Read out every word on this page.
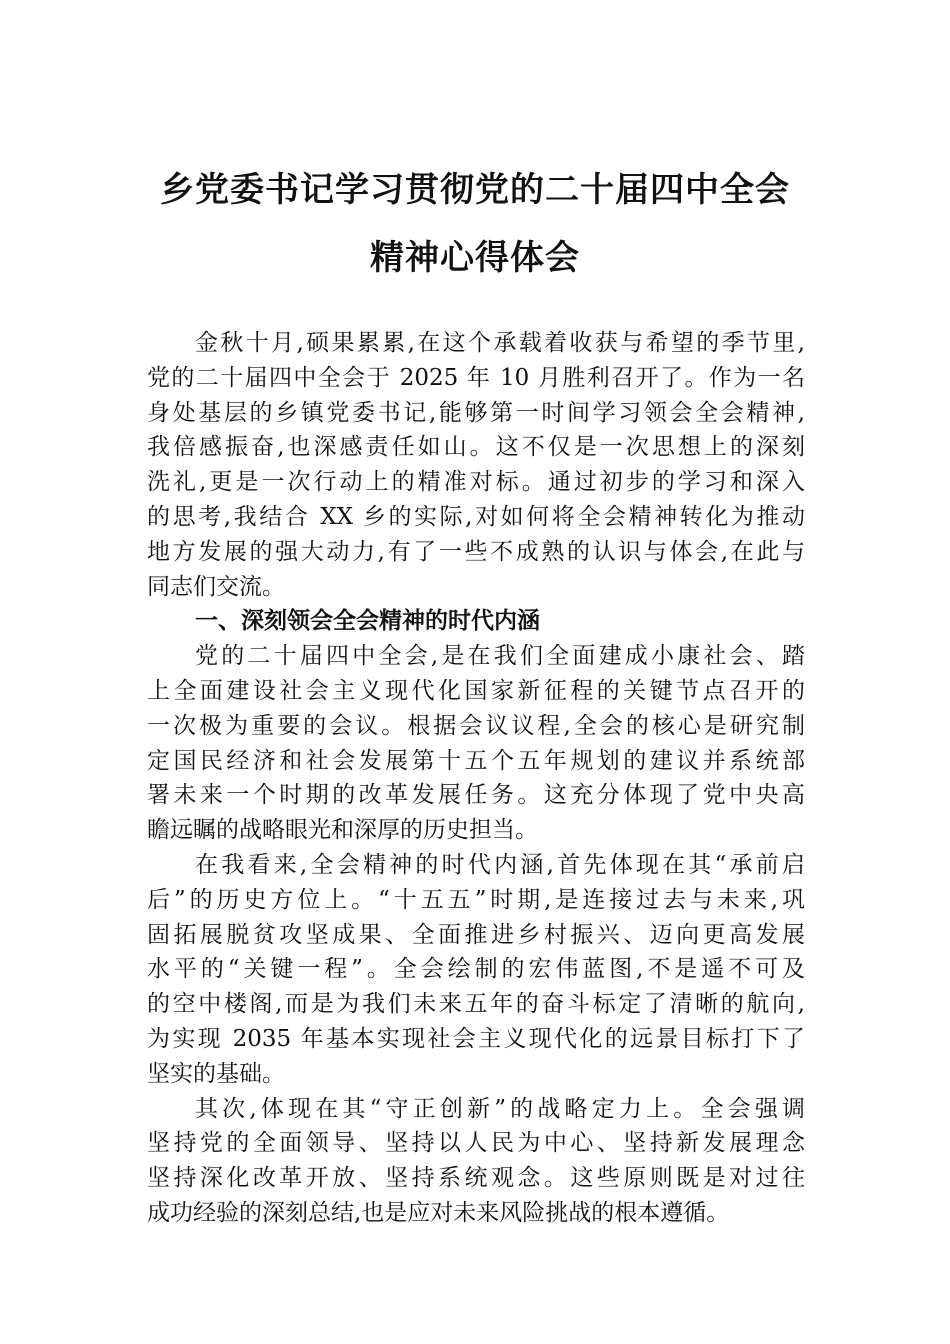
乡党委书记学习贯彻党的二十届四中全会
精神心得体会
金秋十月,硕果累累,在这个承载着收获与希望的季节里,
党的二十届四中全会于 2025 年 10 月胜利召开了。作为一名
身处基层的乡镇党委书记,能够第一时间学习领会全会精神,
我倍感振奋,也深感责任如山。这不仅是一次思想上的深刻
洗礼,更是一次行动上的精准对标。通过初步的学习和深入
的思考,我结合 XX 乡的实际,对如何将全会精神转化为推动
地方发展的强大动力,有了一些不成熟的认识与体会,在此与
同志们交流。
一、深刻领会全会精神的时代内涵
党的二十届四中全会,是在我们全面建成小康社会、踏
上全面建设社会主义现代化国家新征程的关键节点召开的
一次极为重要的会议。根据会议议程,全会的核心是研究制
定国民经济和社会发展第十五个五年规划的建议并系统部
署未来一个时期的改革发展任务。这充分体现了党中央高
瞻远瞩的战略眼光和深厚的历史担当。
在我看来,全会精神的时代内涵,首先体现在其“承前启
后”的历史方位上。“十五五”时期,是连接过去与未来,巩
固拓展脱贫攻坚成果、全面推进乡村振兴、迈向更高发展
水平的“关键一程”。全会绘制的宏伟蓝图,不是遥不可及
的空中楼阁,而是为我们未来五年的奋斗标定了清晰的航向,
为实现 2035 年基本实现社会主义现代化的远景目标打下了
坚实的基础。
其次,体现在其“守正创新”的战略定力上。全会强调
坚持党的全面领导、坚持以人民为中心、坚持新发展理念
坚持深化改革开放、坚持系统观念。这些原则既是对过往
成功经验的深刻总结,也是应对未来风险挑战的根本遵循。
